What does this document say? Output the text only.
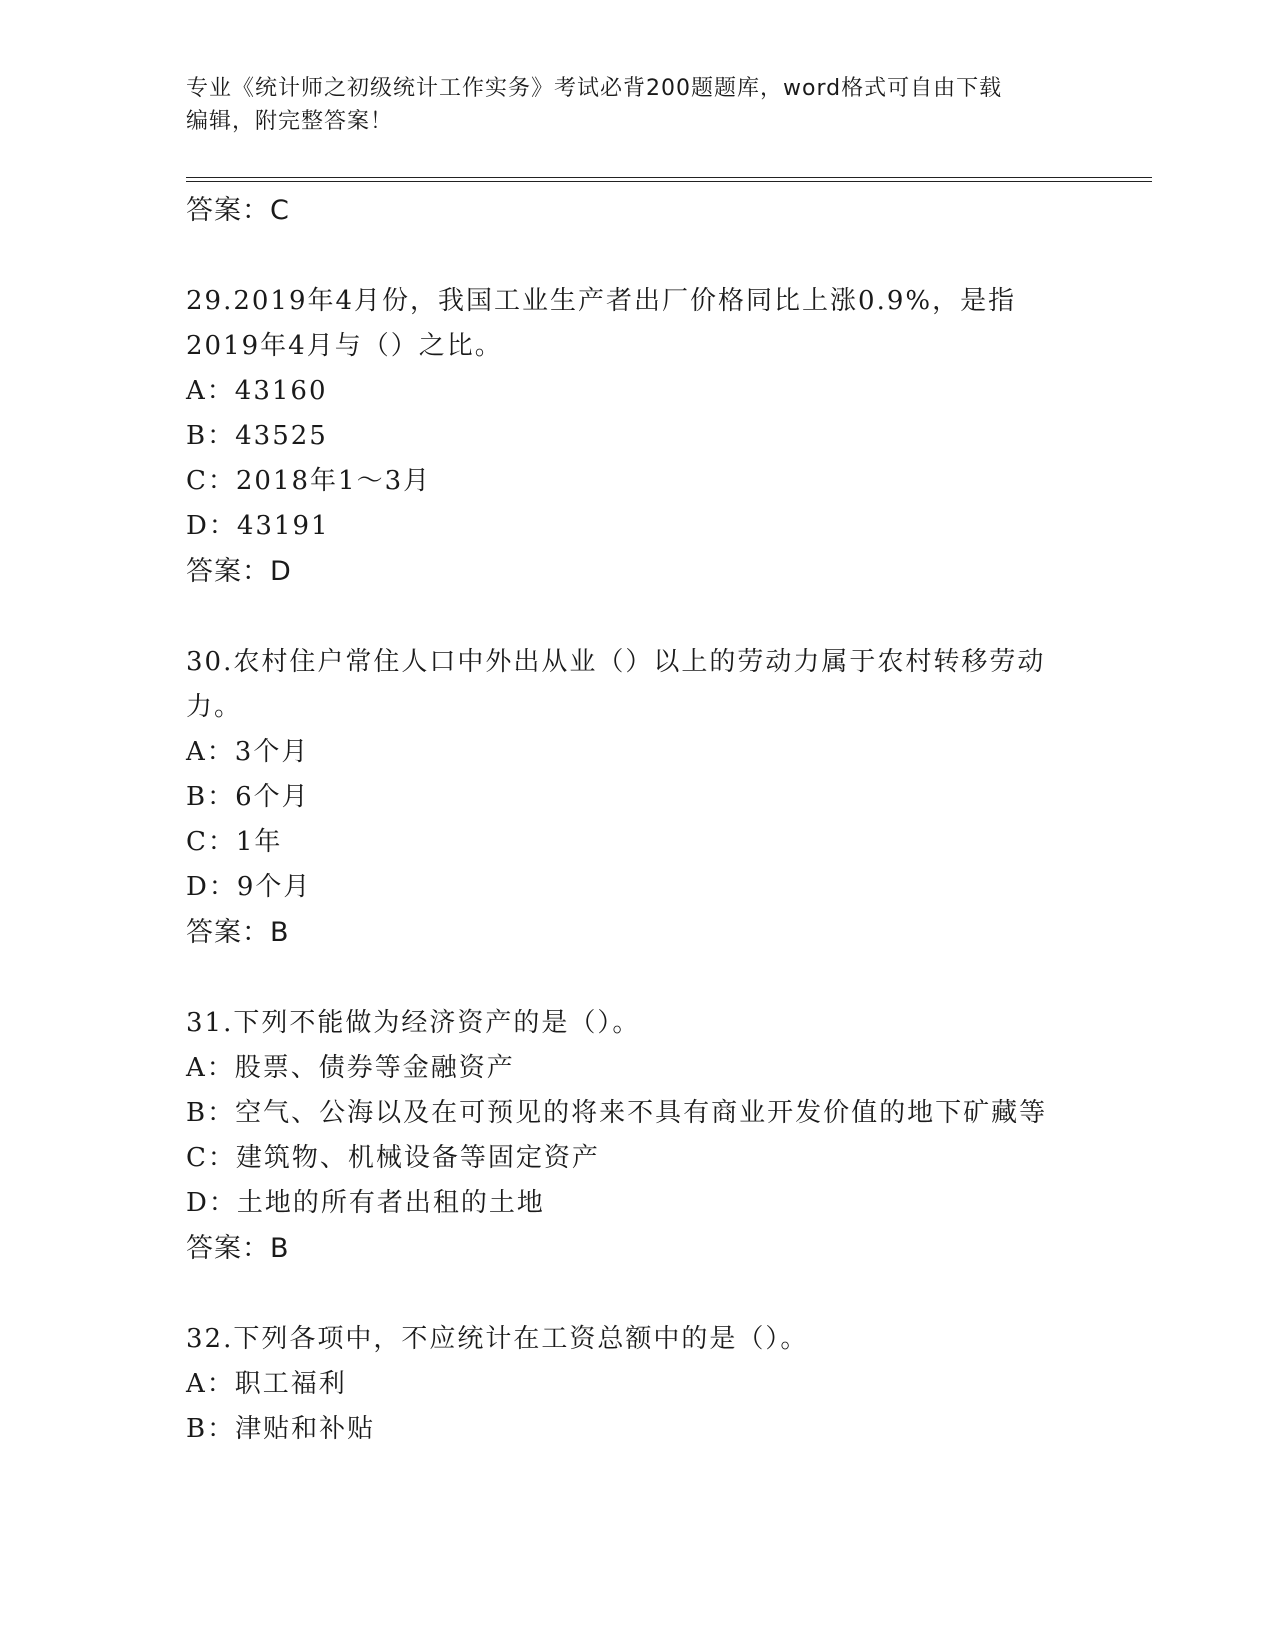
专业《统计师之初级统计工作实务》考试必背200题题库，word格式可自由下载
编辑，附完整答案！
答案：C
29.2019年4月份，我国工业生产者出厂价格同比上涨0.9%，是指
2019年4月与（）之比。
A：43160
B：43525
C：2018年1～3月
D：43191
答案：D
30.农村住户常住人口中外出从业（）以上的劳动力属于农村转移劳动
力。
A：3个月
B：6个月
C：1年
D：9个月
答案：B
31.下列不能做为经济资产的是（）。
A：股票、债券等金融资产
B：空气、公海以及在可预见的将来不具有商业开发价值的地下矿藏等
C：建筑物、机械设备等固定资产
D：土地的所有者出租的土地
答案：B
32.下列各项中，不应统计在工资总额中的是（）。
A：职工福利
B：津贴和补贴
